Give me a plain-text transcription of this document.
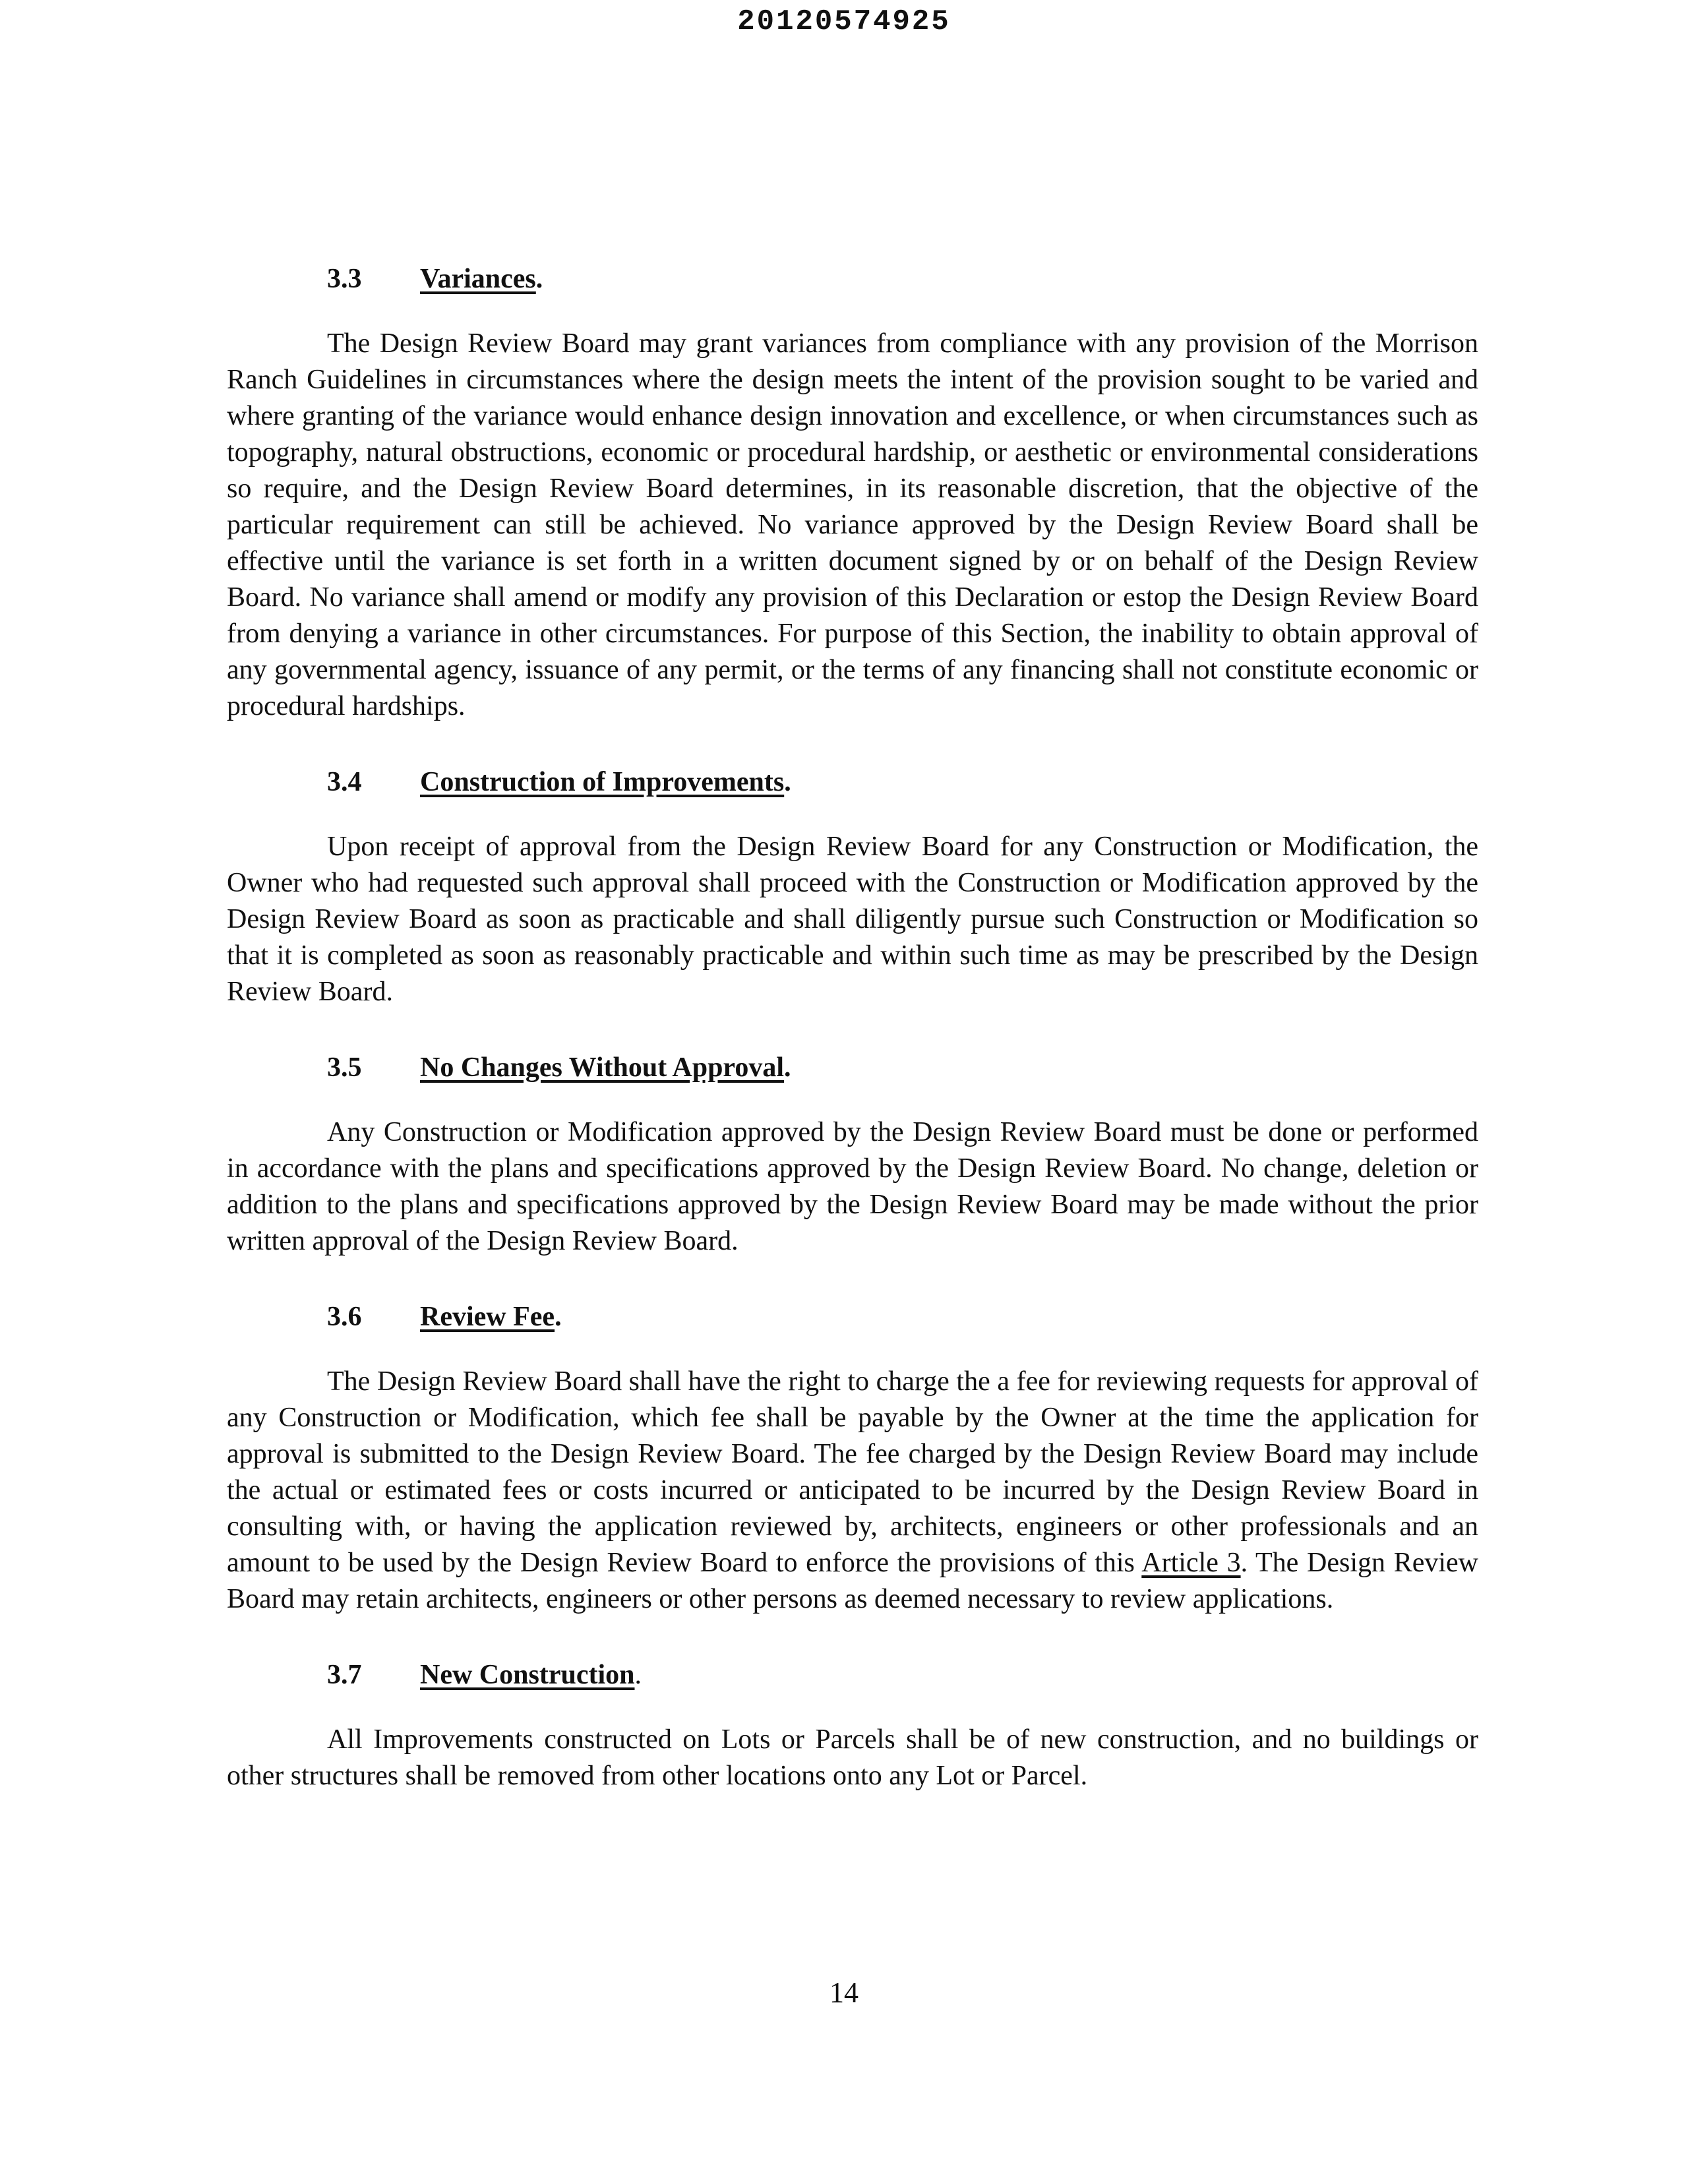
20120574925
3.3 Variances.

The Design Review Board may grant variances from compliance with any provision of the Morrison Ranch Guidelines in circumstances where the design meets the intent of the provision sought to be varied and where granting of the variance would enhance design innovation and excellence, or when circumstances such as topography, natural obstructions, economic or procedural hardship, or aesthetic or environmental considerations so require, and the Design Review Board determines, in its reasonable discretion, that the objective of the particular requirement can still be achieved. No variance approved by the Design Review Board shall be effective until the variance is set forth in a written document signed by or on behalf of the Design Review Board. No variance shall amend or modify any provision of this Declaration or estop the Design Review Board from denying a variance in other circumstances. For purpose of this Section, the inability to obtain approval of any governmental agency, issuance of any permit, or the terms of any financing shall not constitute economic or procedural hardships.

3.4 Construction of Improvements.

Upon receipt of approval from the Design Review Board for any Construction or Modification, the Owner who had requested such approval shall proceed with the Construction or Modification approved by the Design Review Board as soon as practicable and shall diligently pursue such Construction or Modification so that it is completed as soon as reasonably practicable and within such time as may be prescribed by the Design Review Board.

3.5 No Changes Without Approval.

Any Construction or Modification approved by the Design Review Board must be done or performed in accordance with the plans and specifications approved by the Design Review Board. No change, deletion or addition to the plans and specifications approved by the Design Review Board may be made without the prior written approval of the Design Review Board.

3.6 Review Fee.

The Design Review Board shall have the right to charge the a fee for reviewing requests for approval of any Construction or Modification, which fee shall be payable by the Owner at the time the application for approval is submitted to the Design Review Board. The fee charged by the Design Review Board may include the actual or estimated fees or costs incurred or anticipated to be incurred by the Design Review Board in consulting with, or having the application reviewed by, architects, engineers or other professionals and an amount to be used by the Design Review Board to enforce the provisions of this Article 3. The Design Review Board may retain architects, engineers or other persons as deemed necessary to review applications.

3.7 New Construction.

All Improvements constructed on Lots or Parcels shall be of new construction, and no buildings or other structures shall be removed from other locations onto any Lot or Parcel.

14
